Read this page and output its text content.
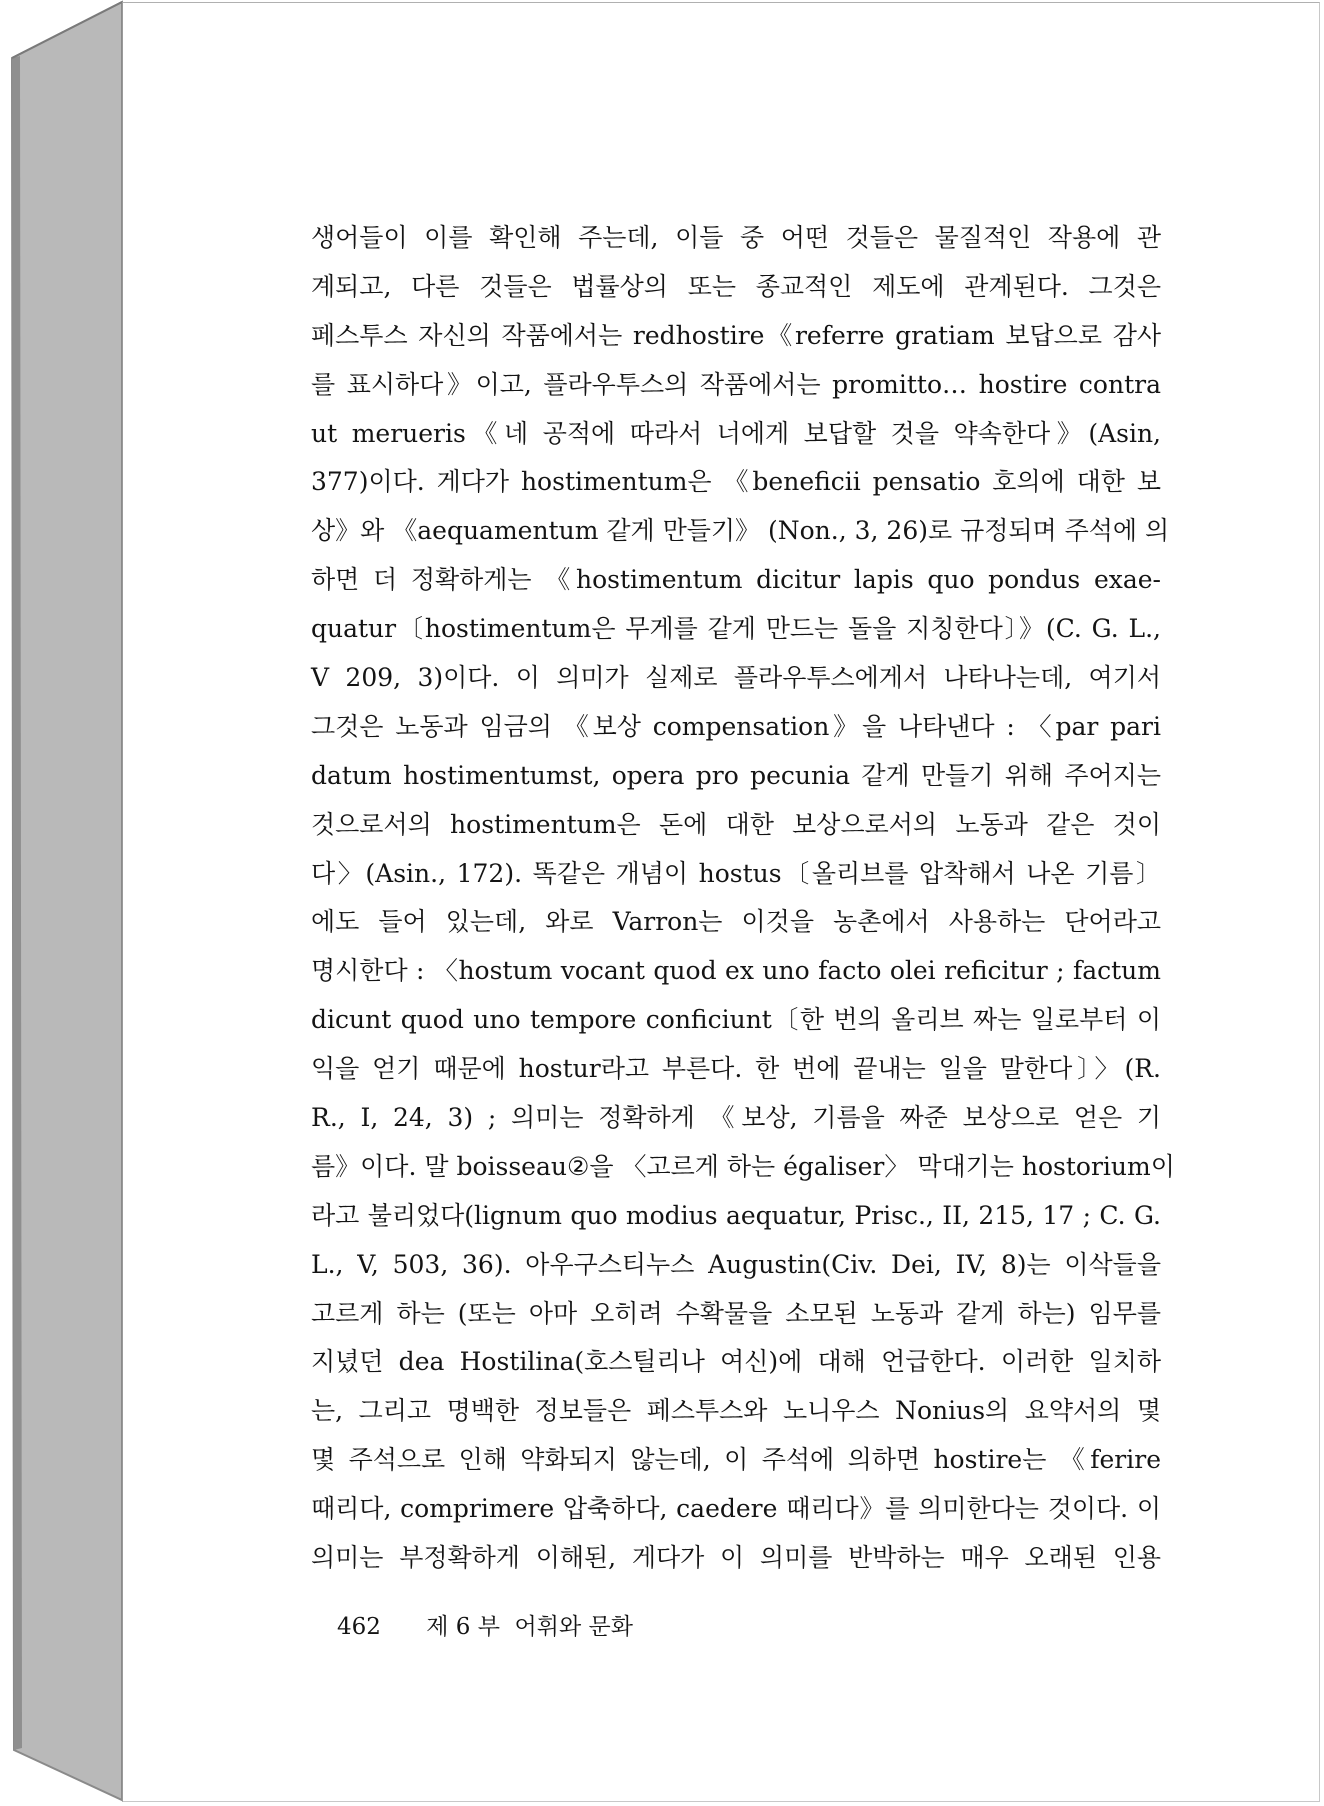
생어들이 이를 확인해 주는데, 이들 중 어떤 것들은 물질적인 작용에 관
계되고, 다른 것들은 법률상의 또는 종교적인 제도에 관계된다. 그것은
페스투스 자신의 작품에서는 redhostire《referre gratiam 보답으로 감사
를 표시하다》이고, 플라우투스의 작품에서는 promitto… hostire contra
ut merueris《네 공적에 따라서 너에게 보답할 것을 약속한다》(Asin,
377)이다. 게다가 hostimentum은 《beneficii pensatio 호의에 대한 보
상》와 《aequamentum 같게 만들기》 (Non., 3, 26)로 규정되며 주석에 의
하면 더 정확하게는 《hostimentum dicitur lapis quo pondus exae-
quatur〔hostimentum은 무게를 같게 만드는 돌을 지칭한다〕》(C. G. L.,
V 209, 3)이다. 이 의미가 실제로 플라우투스에게서 나타나는데, 여기서
그것은 노동과 임금의 《보상 compensation》을 나타낸다 : 〈par pari
datum hostimentumst, opera pro pecunia 같게 만들기 위해 주어지는
것으로서의 hostimentum은 돈에 대한 보상으로서의 노동과 같은 것이
다〉(Asin., 172). 똑같은 개념이 hostus〔올리브를 압착해서 나온 기름〕
에도 들어 있는데, 와로 Varron는 이것을 농촌에서 사용하는 단어라고
명시한다 : 〈hostum vocant quod ex uno facto olei reficitur ; factum
dicunt quod uno tempore conficiunt〔한 번의 올리브 짜는 일로부터 이
익을 얻기 때문에 hostur라고 부른다. 한 번에 끝내는 일을 말한다〕〉(R.
R., I, 24, 3) ; 의미는 정확하게 《보상, 기름을 짜준 보상으로 얻은 기
름》이다. 말 boisseau②을 〈고르게 하는 égaliser〉 막대기는 hostorium이
라고 불리었다(lignum quo modius aequatur, Prisc., II, 215, 17 ; C. G.
L., V, 503, 36). 아우구스티누스 Augustin(Civ. Dei, IV, 8)는 이삭들을
고르게 하는 (또는 아마 오히려 수확물을 소모된 노동과 같게 하는) 임무를
지녔던 dea Hostilina(호스틸리나 여신)에 대해 언급한다. 이러한 일치하
는, 그리고 명백한 정보들은 페스투스와 노니우스 Nonius의 요약서의 몇
몇 주석으로 인해 약화되지 않는데, 이 주석에 의하면 hostire는 《ferire
때리다, comprimere 압축하다, caedere 때리다》를 의미한다는 것이다. 이
의미는 부정확하게 이해된, 게다가 이 의미를 반박하는 매우 오래된 인용
462 제 6 부  어휘와 문화
